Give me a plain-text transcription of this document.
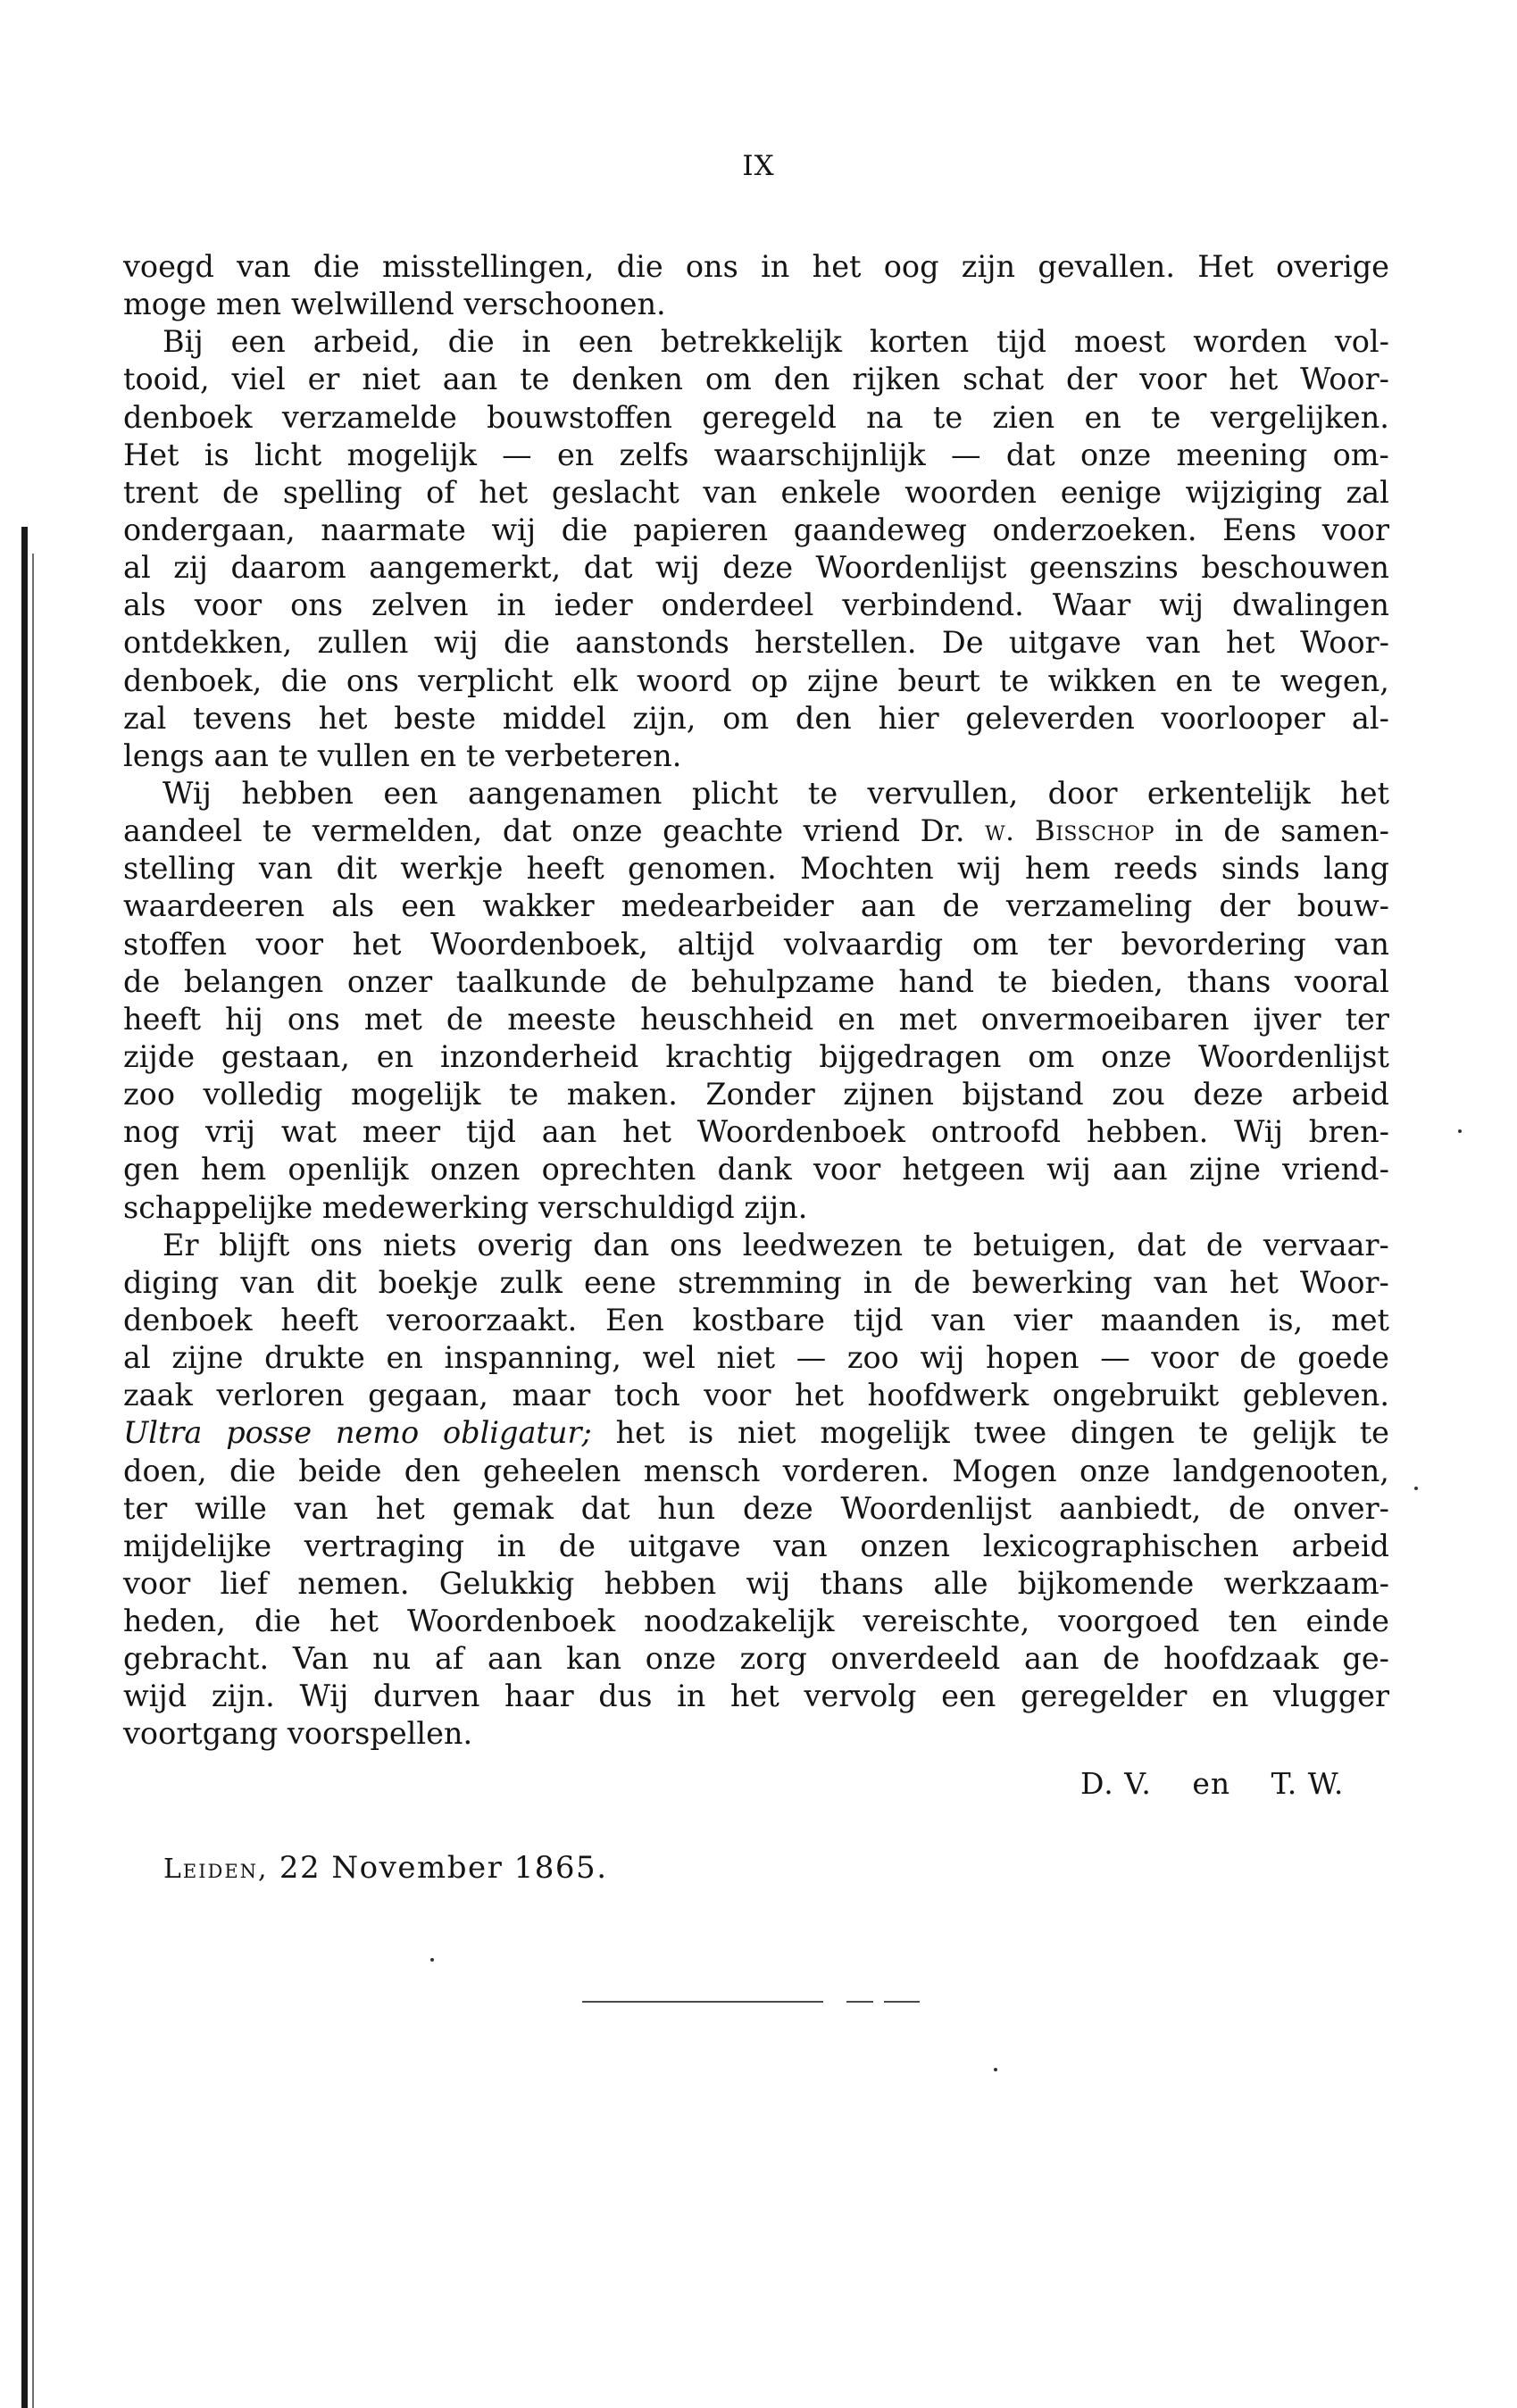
IX
voegd van die misstellingen, die ons in het oog zijn gevallen. Het overige
moge men welwillend verschoonen.
Bij een arbeid, die in een betrekkelijk korten tijd moest worden vol-
tooid, viel er niet aan te denken om den rijken schat der voor het Woor-
denboek verzamelde bouwstoffen geregeld na te zien en te vergelijken.
Het is licht mogelijk — en zelfs waarschijnlijk — dat onze meening om-
trent de spelling of het geslacht van enkele woorden eenige wijziging zal
ondergaan, naarmate wij die papieren gaandeweg onderzoeken. Eens voor
al zij daarom aangemerkt, dat wij deze Woordenlijst geenszins beschouwen
als voor ons zelven in ieder onderdeel verbindend. Waar wij dwalingen
ontdekken, zullen wij die aanstonds herstellen. De uitgave van het Woor-
denboek, die ons verplicht elk woord op zijne beurt te wikken en te wegen,
zal tevens het beste middel zijn, om den hier geleverden voorlooper al-
lengs aan te vullen en te verbeteren.
Wij hebben een aangenamen plicht te vervullen, door erkentelijk het
aandeel te vermelden, dat onze geachte vriend Dr. w. Bisschop in de samen-
stelling van dit werkje heeft genomen. Mochten wij hem reeds sinds lang
waardeeren als een wakker medearbeider aan de verzameling der bouw-
stoffen voor het Woordenboek, altijd volvaardig om ter bevordering van
de belangen onzer taalkunde de behulpzame hand te bieden, thans vooral
heeft hij ons met de meeste heuschheid en met onvermoeibaren ijver ter
zijde gestaan, en inzonderheid krachtig bijgedragen om onze Woordenlijst
zoo volledig mogelijk te maken. Zonder zijnen bijstand zou deze arbeid
nog vrij wat meer tijd aan het Woordenboek ontroofd hebben. Wij bren-
gen hem openlijk onzen oprechten dank voor hetgeen wij aan zijne vriend-
schappelijke medewerking verschuldigd zijn.
Er blijft ons niets overig dan ons leedwezen te betuigen, dat de vervaar-
diging van dit boekje zulk eene stremming in de bewerking van het Woor-
denboek heeft veroorzaakt. Een kostbare tijd van vier maanden is, met
al zijne drukte en inspanning, wel niet — zoo wij hopen — voor de goede
zaak verloren gegaan, maar toch voor het hoofdwerk ongebruikt gebleven.
Ultra posse nemo obligatur; het is niet mogelijk twee dingen te gelijk te
doen, die beide den geheelen mensch vorderen. Mogen onze landgenooten,
ter wille van het gemak dat hun deze Woordenlijst aanbiedt, de onver-
mijdelijke vertraging in de uitgave van onzen lexicographischen arbeid
voor lief nemen. Gelukkig hebben wij thans alle bijkomende werkzaam-
heden, die het Woordenboek noodzakelijk vereischte, voorgoed ten einde
gebracht. Van nu af aan kan onze zorg onverdeeld aan de hoofdzaak ge-
wijd zijn. Wij durven haar dus in het vervolg een geregelder en vlugger
voortgang voorspellen.
D. V. en T. W.
Leiden, 22 November 1865.
